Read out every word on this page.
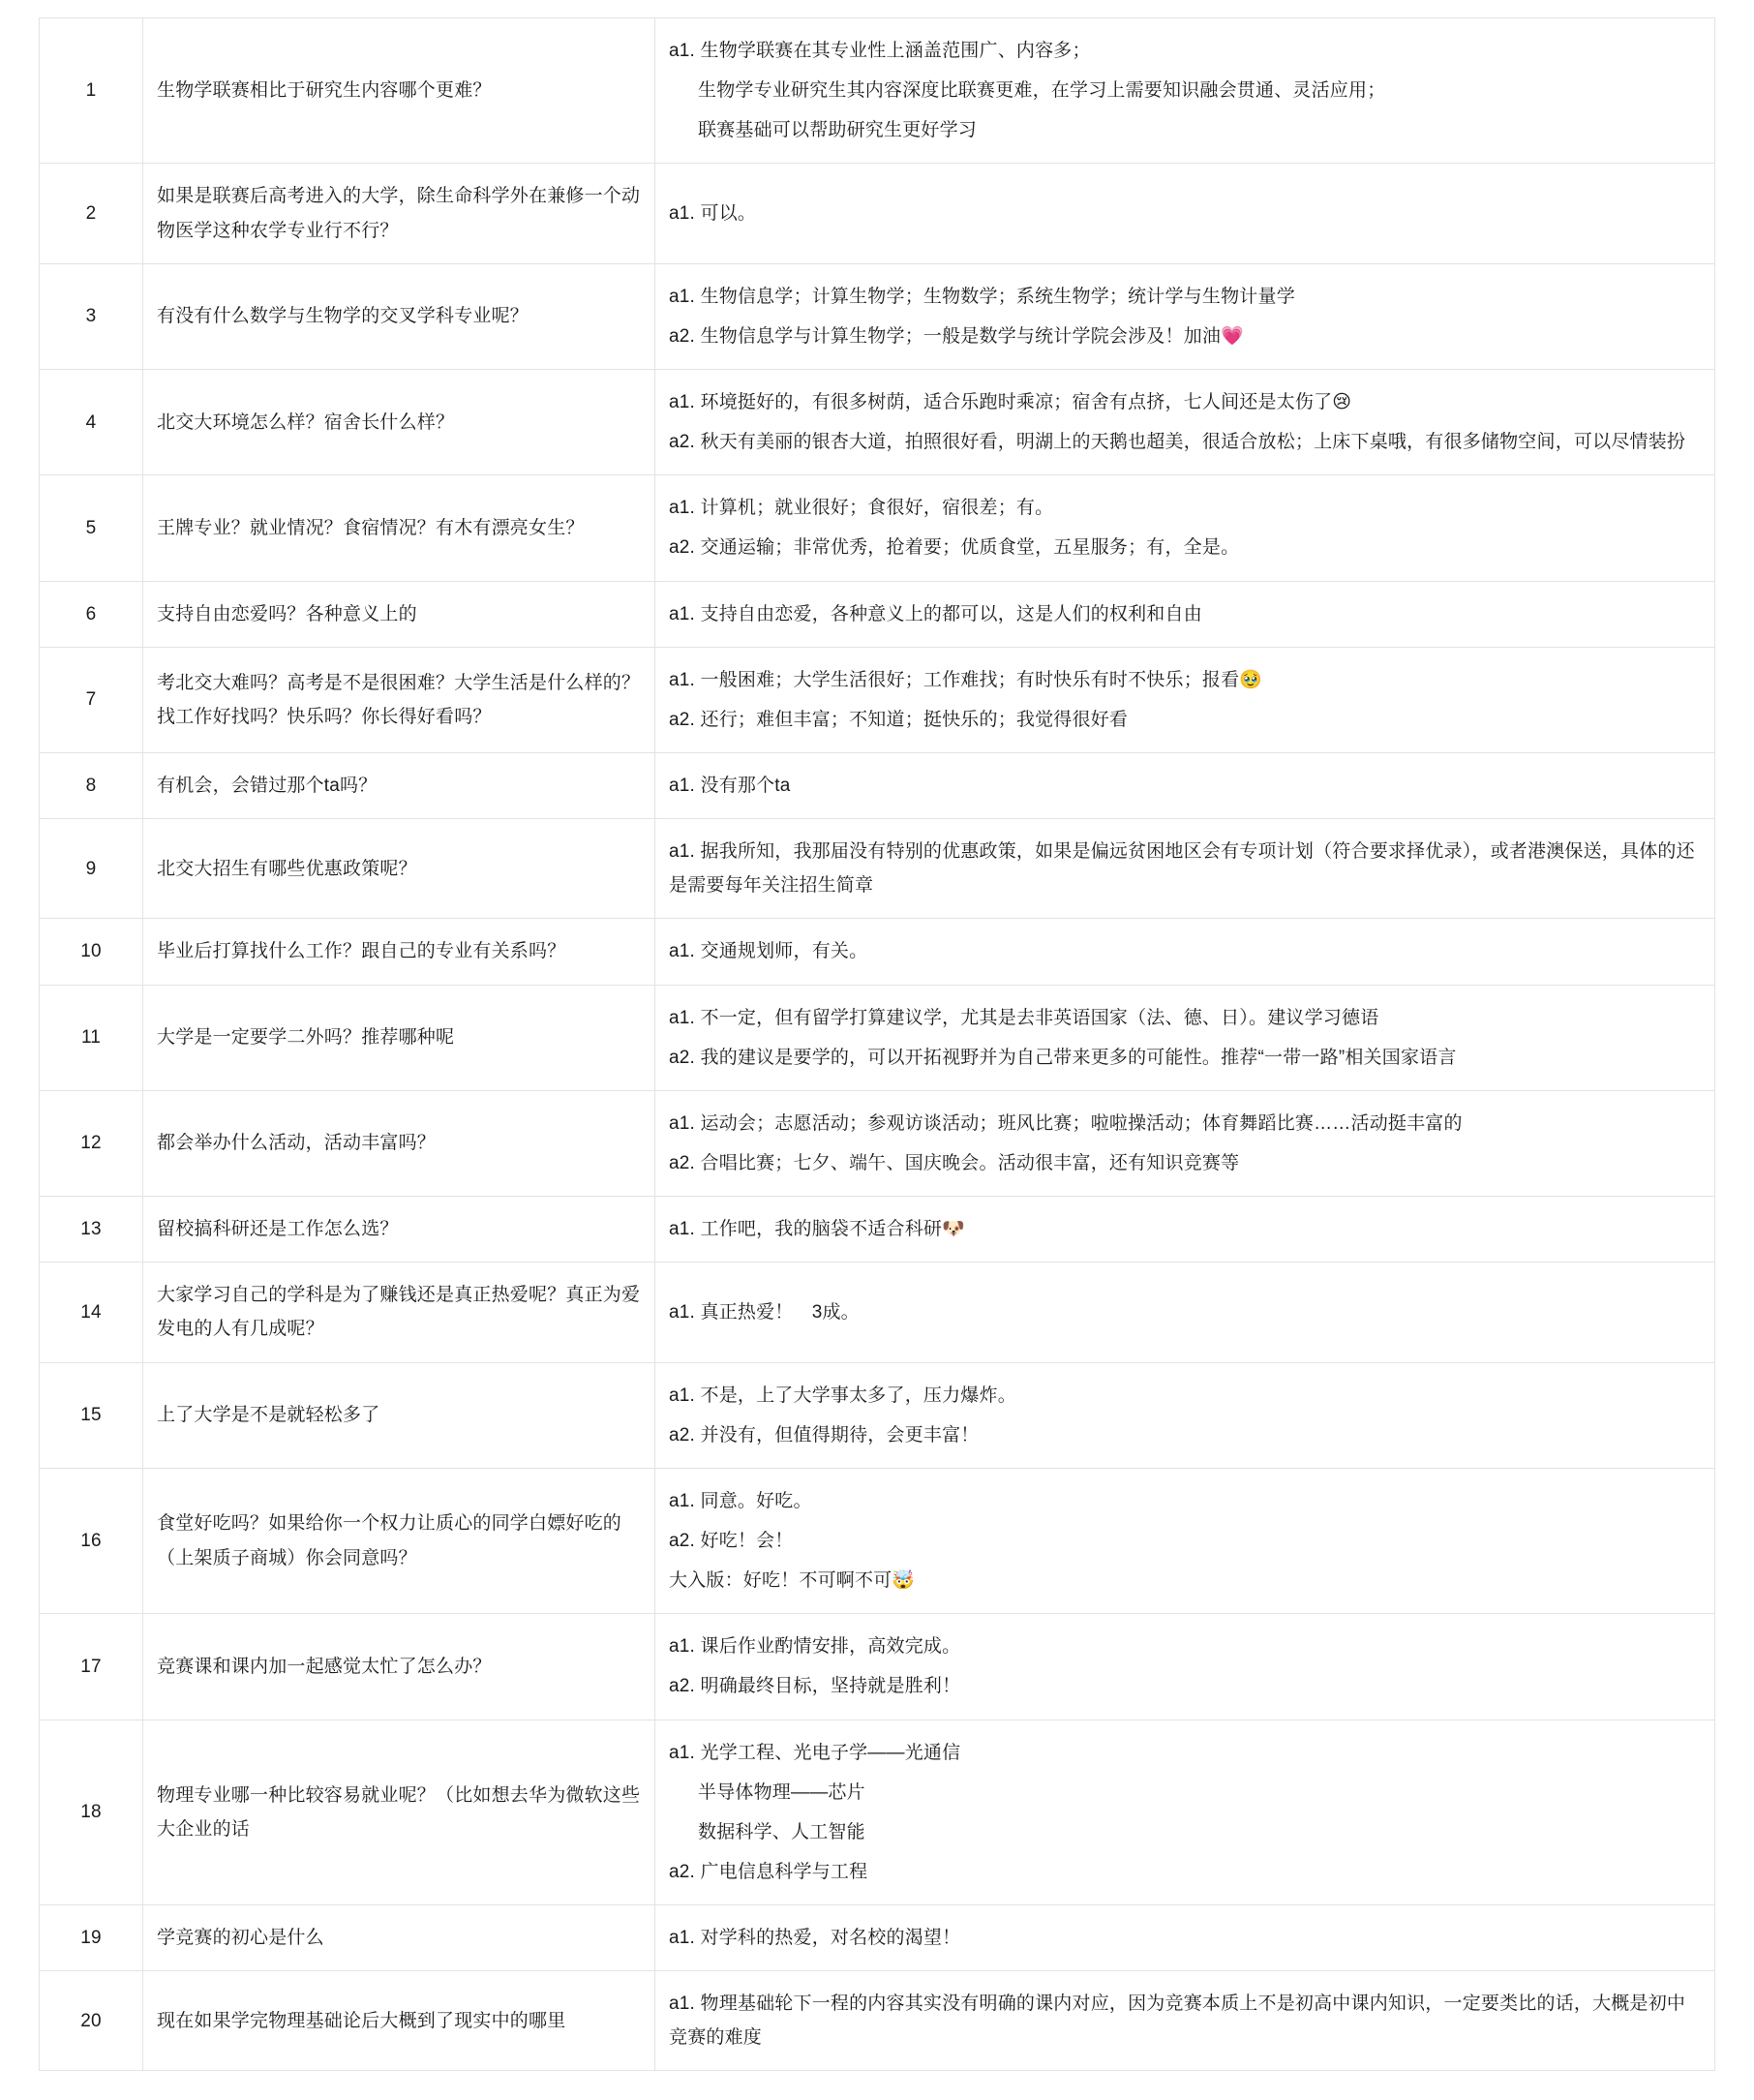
1	生物学联赛相比于研究生内容哪个更难？	a1. 生物学联赛在其专业性上涵盖范围广、内容多；
生物学专业研究生其内容深度比联赛更难，在学习上需要知识融会贯通、灵活应用；
联赛基础可以帮助研究生更好学习

2	如果是联赛后高考进入的大学，除生命科学外在兼修一个动物医学这种农学专业行不行？	a1. 可以。

3	有没有什么数学与生物学的交叉学科专业呢？	a1. 生物信息学；计算生物学；生物数学；系统生物学；统计学与生物计量学
a2. 生物信息学与计算生物学；一般是数学与统计学院会涉及！加油💗

4	北交大环境怎么样？宿舍长什么样？	a1. 环境挺好的，有很多树荫，适合乐跑时乘凉；宿舍有点挤，七人间还是太伤了😢
a2. 秋天有美丽的银杏大道，拍照很好看，明湖上的天鹅也超美，很适合放松；上床下桌哦，有很多储物空间，可以尽情装扮

5	王牌专业？就业情况？食宿情况？有木有漂亮女生？	a1. 计算机；就业很好；食很好，宿很差；有。
a2. 交通运输；非常优秀，抢着要；优质食堂，五星服务；有，全是。

6	支持自由恋爱吗？各种意义上的	a1. 支持自由恋爱，各种意义上的都可以，这是人们的权利和自由

7	考北交大难吗？高考是不是很困难？大学生活是什么样的？找工作好找吗？快乐吗？你长得好看吗？	a1. 一般困难；大学生活很好；工作难找；有时快乐有时不快乐；报看🥹
a2. 还行；难但丰富；不知道；挺快乐的；我觉得很好看

8	有机会，会错过那个ta吗？	a1. 没有那个ta

9	北交大招生有哪些优惠政策呢？	a1. 据我所知，我那届没有特别的优惠政策，如果是偏远贫困地区会有专项计划（符合要求择优录），或者港澳保送，具体的还是需要每年关注招生简章

10	毕业后打算找什么工作？跟自己的专业有关系吗？	a1. 交通规划师，有关。

11	大学是一定要学二外吗？推荐哪种呢	a1. 不一定，但有留学打算建议学，尤其是去非英语国家（法、德、日）。建议学习德语
a2. 我的建议是要学的，可以开拓视野并为自己带来更多的可能性。推荐“一带一路”相关国家语言

12	都会举办什么活动，活动丰富吗？	a1. 运动会；志愿活动；参观访谈活动；班风比赛；啦啦操活动；体育舞蹈比赛……活动挺丰富的
a2. 合唱比赛；七夕、端午、国庆晚会。活动很丰富，还有知识竞赛等

13	留校搞科研还是工作怎么选？	a1. 工作吧，我的脑袋不适合科研🐶

14	大家学习自己的学科是为了赚钱还是真正热爱呢？真正为爱发电的人有几成呢？	a1. 真正热爱！　3成。

15	上了大学是不是就轻松多了	a1. 不是，上了大学事太多了，压力爆炸。
a2. 并没有，但值得期待，会更丰富！

16	食堂好吃吗？如果给你一个权力让质心的同学白嫖好吃的（上架质子商城）你会同意吗？	a1. 同意。好吃。
a2. 好吃！会！
大入版：好吃！不可啊不可🤯

17	竞赛课和课内加一起感觉太忙了怎么办？	a1. 课后作业酌情安排，高效完成。
a2. 明确最终目标，坚持就是胜利！

18	物理专业哪一种比较容易就业呢？（比如想去华为微软这些大企业的话	a1. 光学工程、光电子学——光通信
半导体物理——芯片
数据科学、人工智能
a2. 广电信息科学与工程

19	学竞赛的初心是什么	a1. 对学科的热爱，对名校的渴望！

20	现在如果学完物理基础论后大概到了现实中的哪里	a1. 物理基础轮下一程的内容其实没有明确的课内对应，因为竞赛本质上不是初高中课内知识，一定要类比的话，大概是初中竞赛的难度
